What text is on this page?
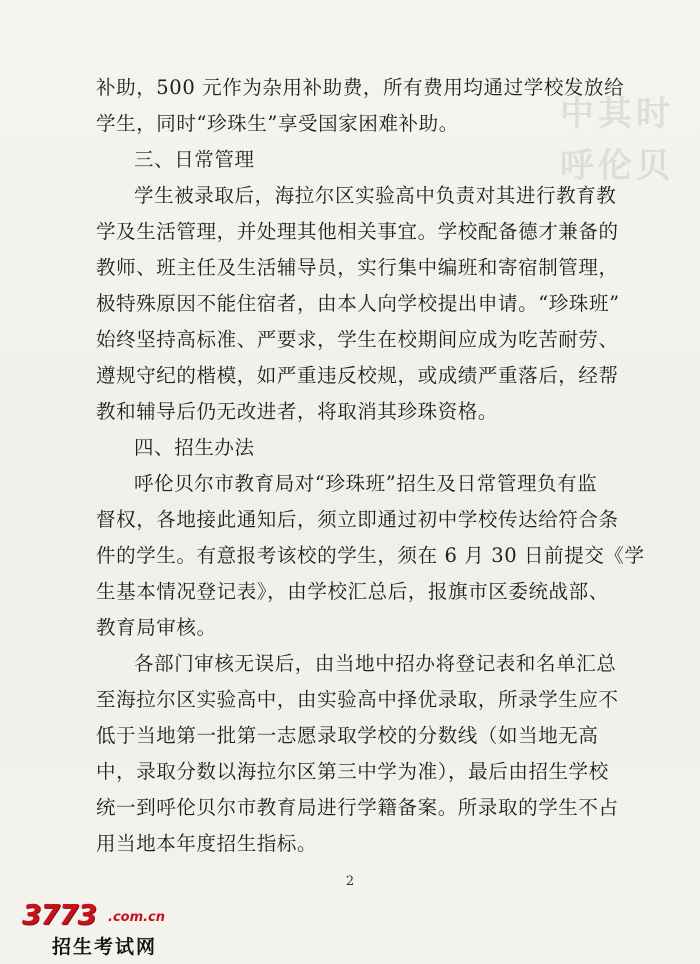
中其时
呼伦贝
补助，500 元作为杂用补助费，所有费用均通过学校发放给
学生，同时“珍珠生”享受国家困难补助。
三、日常管理
学生被录取后，海拉尔区实验高中负责对其进行教育教
学及生活管理，并处理其他相关事宜。学校配备德才兼备的
教师、班主任及生活辅导员，实行集中编班和寄宿制管理，
极特殊原因不能住宿者，由本人向学校提出申请。“珍珠班”
始终坚持高标准、严要求，学生在校期间应成为吃苦耐劳、
遵规守纪的楷模，如严重违反校规，或成绩严重落后，经帮
教和辅导后仍无改进者，将取消其珍珠资格。
四、招生办法
呼伦贝尔市教育局对“珍珠班”招生及日常管理负有监
督权，各地接此通知后，须立即通过初中学校传达给符合条
件的学生。有意报考该校的学生，须在 6 月 30 日前提交《学
生基本情况登记表》，由学校汇总后，报旗市区委统战部、
教育局审核。
各部门审核无误后，由当地中招办将登记表和名单汇总
至海拉尔区实验高中，由实验高中择优录取，所录学生应不
低于当地第一批第一志愿录取学校的分数线（如当地无高
中，录取分数以海拉尔区第三中学为准），最后由招生学校
统一到呼伦贝尔市教育局进行学籍备案。所录取的学生不占
用当地本年度招生指标。
2
3773 .com.cn
招生考试网
